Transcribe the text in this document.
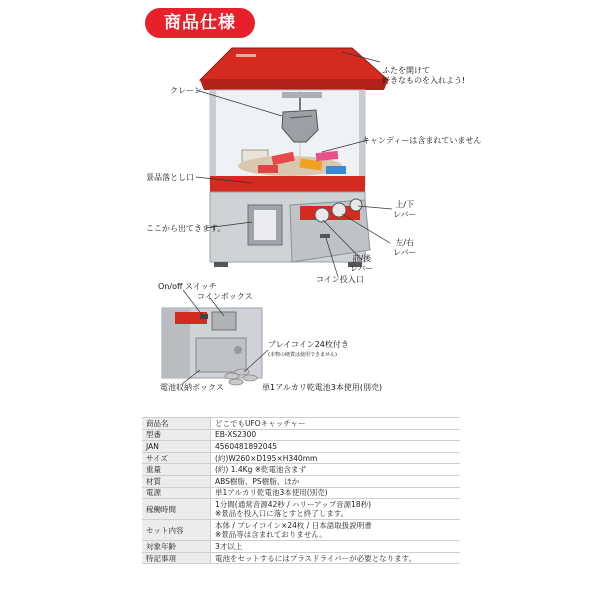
商品仕様
クレーン
ふたを開けて
好きなものを入れよう!
キャンディーは含まれていません
景品落とし口
ここから出てきます。
上/下
レバー
左/右
レバー
前/後
レバー
コイン投入口
On/off スイッチ
コインボックス
プレイコイン24枚付き
(本物の硬貨は使用できません)
電池収納ボックス	単1アルカリ乾電池3本使用(別売)
商品名	どこでもUFOキャッチャー

型番	EB-XS2300

JAN	4560481892045

サイズ	(約)W260×D195×H340mm

重量	(約) 1.4Kg ※乾電池含まず

材質	ABS樹脂、PS樹脂、ほか

電源	単1アルカリ乾電池3本使用(別売)

稼働時間	1分間(通常音源42秒 / ハリーアップ音源18秒)
※景品を投入口に落とすと終了します。

セット内容	本体 / プレイコイン×24枚 / 日本語取扱説明書
※景品等は含まれておりません。

対象年齢	3才以上

特記事項	電池をセットするにはプラスドライバーが必要となります。
